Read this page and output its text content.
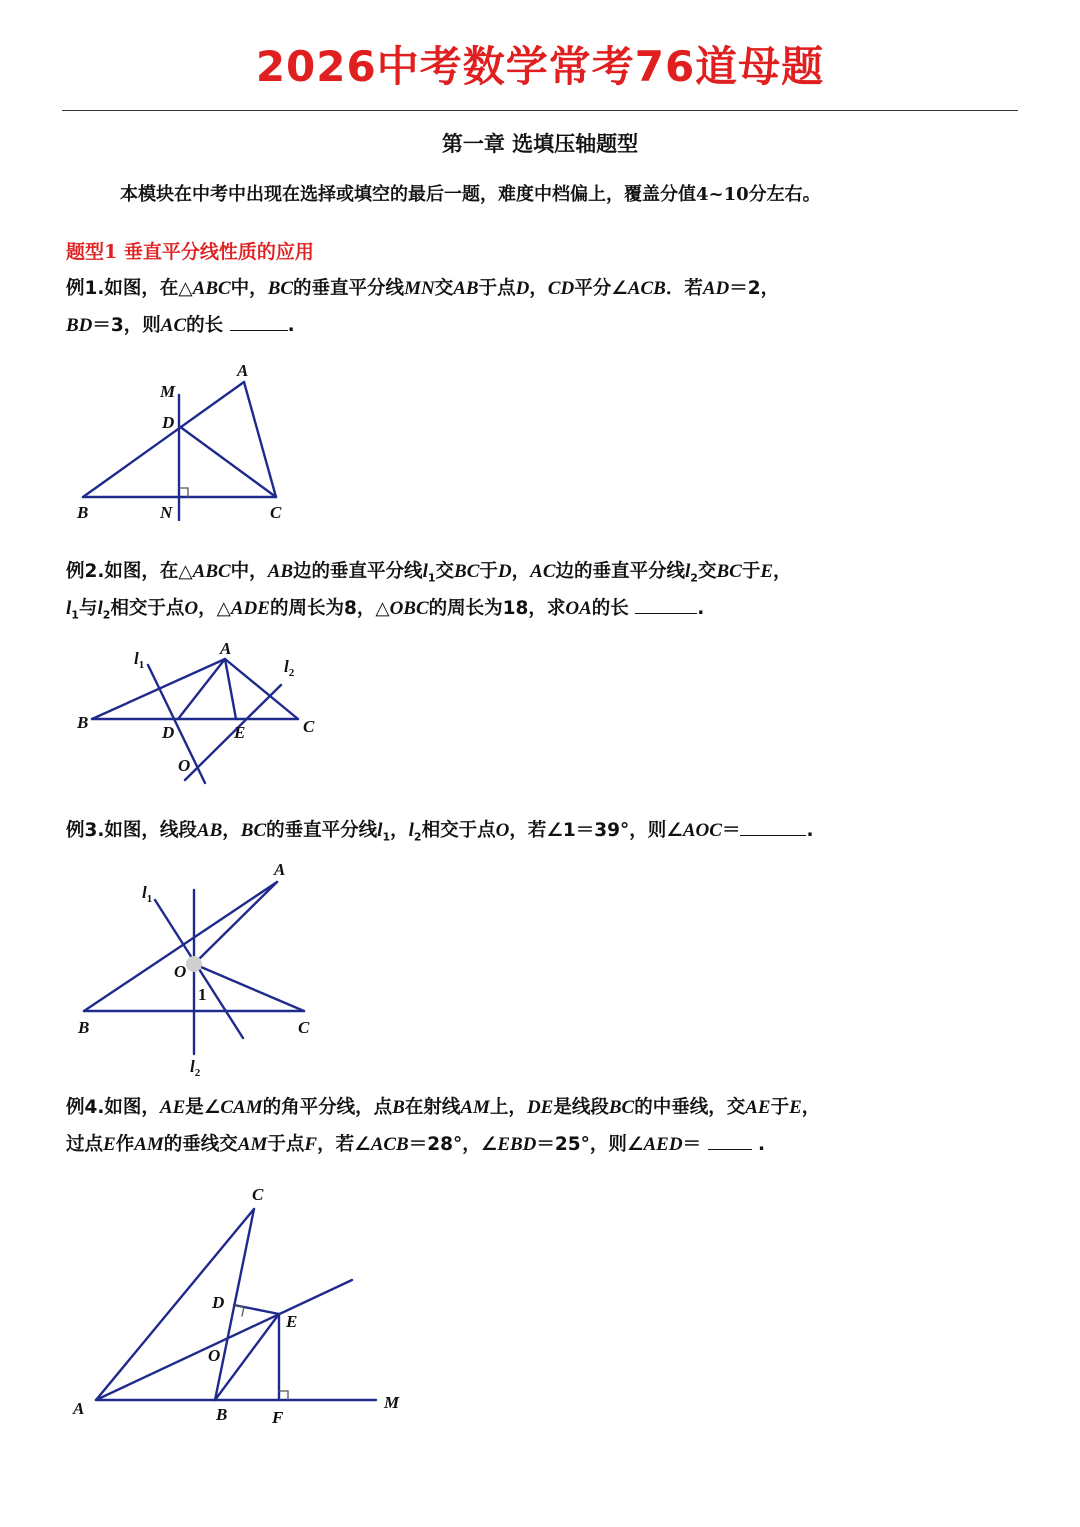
2026中考数学常考76道母题
第一章 选填压轴题型
本模块在中考中出现在选择或填空的最后一题，难度中档偏上，覆盖分值4~10分左右。
题型1 垂直平分线性质的应用
例1.如图，在△ABC中，BC的垂直平分线MN交AB于点D，CD平分∠ACB．若AD＝2，
BD＝3，则AC的长	.
M
A
D
B	N	C
例2.如图，在△ABC中，AB边的垂直平分线$l_1$交BC于D，AC边的垂直平分线$l_2$交BC于E，
$l_1$与$l_2$相交于点O，△ADE的周长为8，△OBC的周长为18，求OA的长	.
$l_1$
A
$l_2$
B
D	E	C
O
例3.如图，线段AB，BC的垂直平分线$l_1$，$l_2$相交于点O，若∠1＝39°，则∠AOC＝	.
A
$l_1$
O
1
B	C
$l_2$
例4.如图，AE是∠CAM的角平分线，点B在射线AM上，DE是线段BC的中垂线，交AE于E，
过点E作AM的垂线交AM于点F，若∠ACB＝28°，∠EBD＝25°，则∠AED＝	.
C
D
E
O
A	B	F
M
